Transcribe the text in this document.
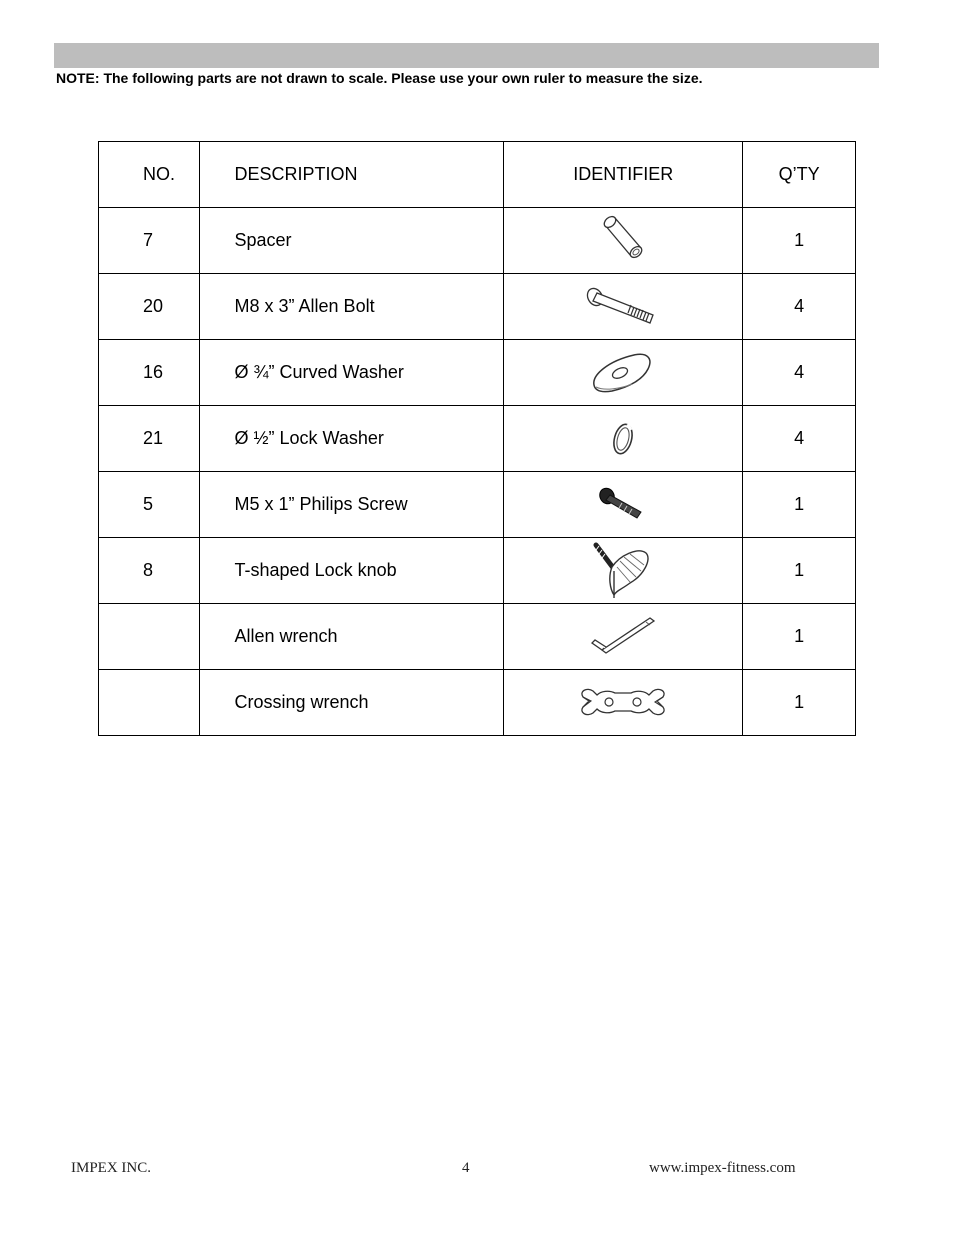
NOTE: The following parts are not drawn to scale. Please use your own ruler to measure the size.
NO.	DESCRIPTION	IDENTIFIER	Q’TY
7	Spacer		1
20	M8 x 3” Allen Bolt		4
16	Ø ¾” Curved Washer		4
21	Ø ½” Lock Washer		4
5	M5 x 1” Philips Screw		1
8	T-shaped Lock knob		1
	Allen wrench		1
	Crossing wrench		1
IMPEX INC.	4	www.impex-fitness.com
